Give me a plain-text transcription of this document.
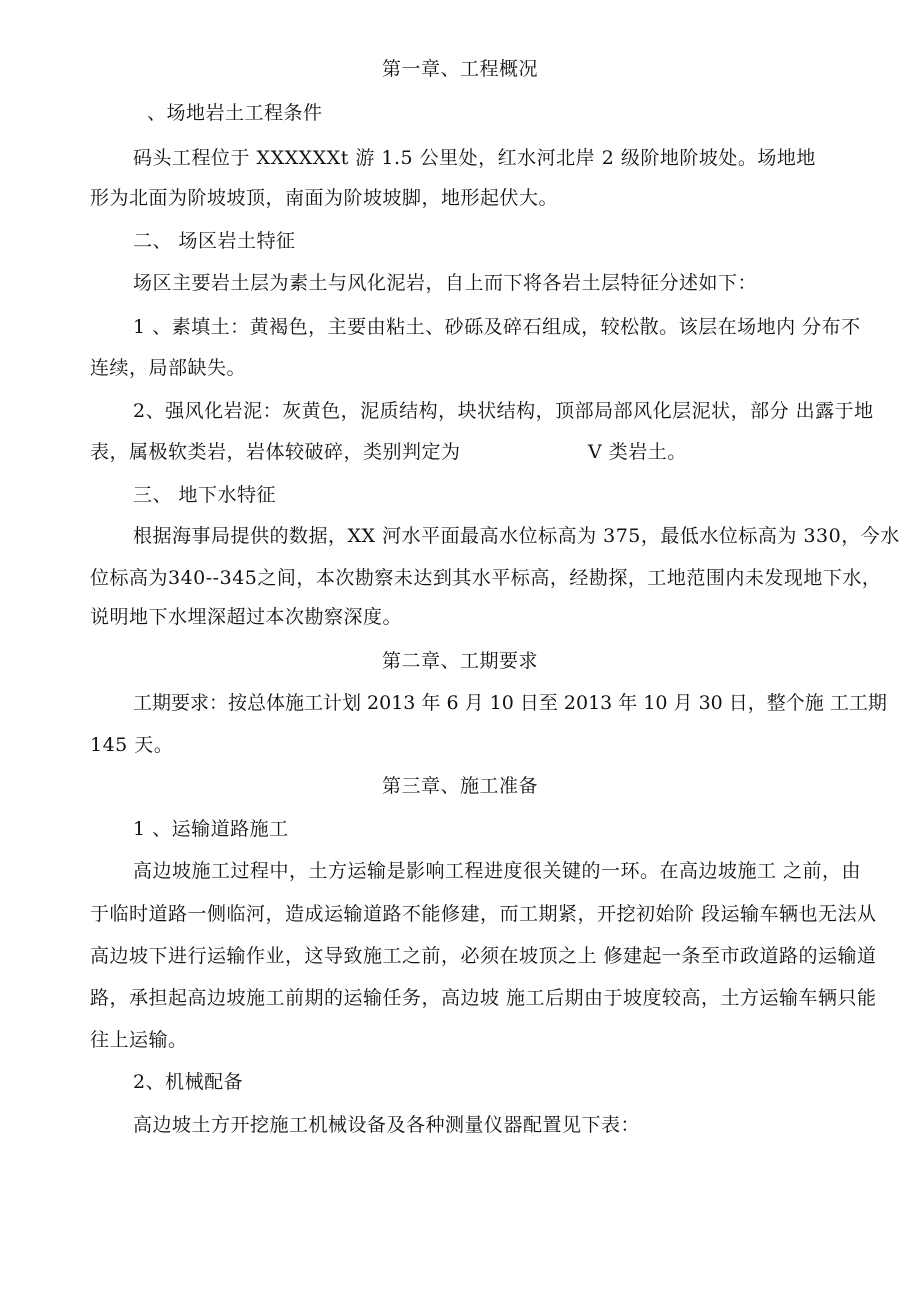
第一章、工程概况
、场地岩土工程条件
码头工程位于 XXXXXXt 游 1.5 公里处，红水河北岸 2 级阶地阶坡处。场地地
形为北面为阶坡坡顶，南面为阶坡坡脚，地形起伏大。
二、 场区岩土特征
场区主要岩土层为素土与风化泥岩，自上而下将各岩土层特征分述如下：
1 、素填土：黄褐色，主要由粘土、砂砾及碎石组成，较松散。该层在场地内 分布不
连续，局部缺失。
2、强风化岩泥：灰黄色，泥质结构，块状结构，顶部局部风化层泥状，部分 出露于地
表，属极软类岩，岩体较破碎，类别判定为	V 类岩土。
三、 地下水特征
根据海事局提供的数据，XX 河水平面最高水位标高为 375，最低水位标高为 330，今水
位标高为340--345之间，本次勘察未达到其水平标高，经勘探，工地范围内未发现地下水，
说明地下水埋深超过本次勘察深度。
第二章、工期要求
工期要求：按总体施工计划 2013 年 6 月 10 日至 2013 年 10 月 30 日，整个施 工工期
145 天。
第三章、施工准备
1 、运输道路施工
高边坡施工过程中，土方运输是影响工程进度很关键的一环。在高边坡施工 之前，由
于临时道路一侧临河，造成运输道路不能修建，而工期紧，开挖初始阶 段运输车辆也无法从
高边坡下进行运输作业，这导致施工之前，必须在坡顶之上 修建起一条至市政道路的运输道
路，承担起高边坡施工前期的运输任务，高边坡 施工后期由于坡度较高，土方运输车辆只能
往上运输。
2、机械配备
高边坡土方开挖施工机械设备及各种测量仪器配置见下表：
